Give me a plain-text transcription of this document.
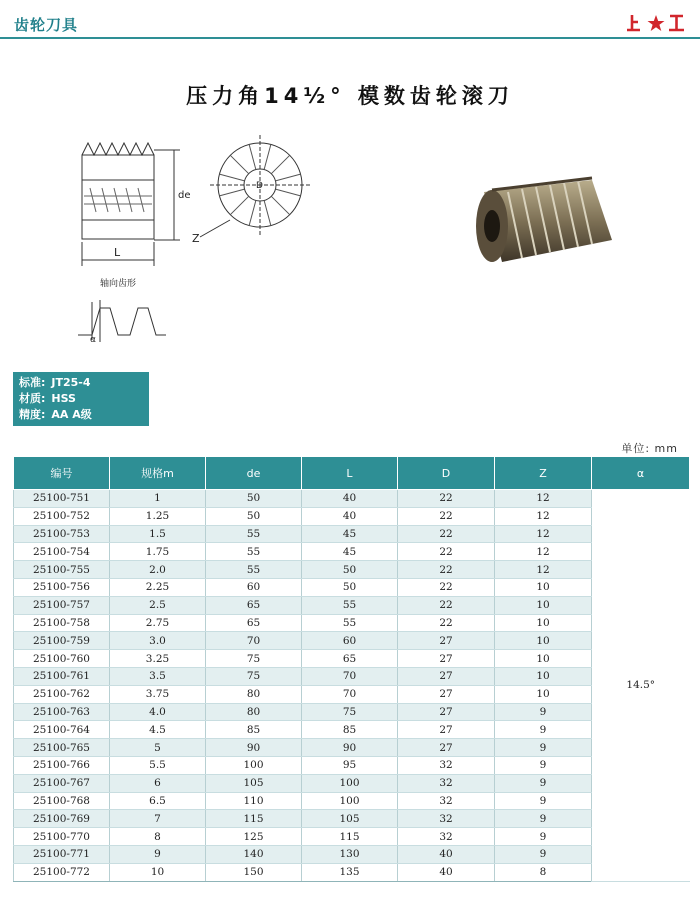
齿轮刀具
压力角14½° 模数齿轮滚刀
de
L
轴向齿形
α
D
Z
标准: JT25-4
材质: HSS
精度: AA A级
单位: mm
编号	规格m	de	L	D	Z	α
25100-751	1	50	40	22	12	14.5°
25100-752	1.25	50	40	22	12	
25100-753	1.5	55	45	22	12	
25100-754	1.75	55	45	22	12	
25100-755	2.0	55	50	22	12	
25100-756	2.25	60	50	22	10	
25100-757	2.5	65	55	22	10	
25100-758	2.75	65	55	22	10	
25100-759	3.0	70	60	27	10	
25100-760	3.25	75	65	27	10	
25100-761	3.5	75	70	27	10	
25100-762	3.75	80	70	27	10	
25100-763	4.0	80	75	27	9	
25100-764	4.5	85	85	27	9	
25100-765	5	90	90	27	9	
25100-766	5.5	100	95	32	9	
25100-767	6	105	100	32	9	
25100-768	6.5	110	100	32	9	
25100-769	7	115	105	32	9	
25100-770	8	125	115	32	9	
25100-771	9	140	130	40	9	
25100-772	10	150	135	40	8	
